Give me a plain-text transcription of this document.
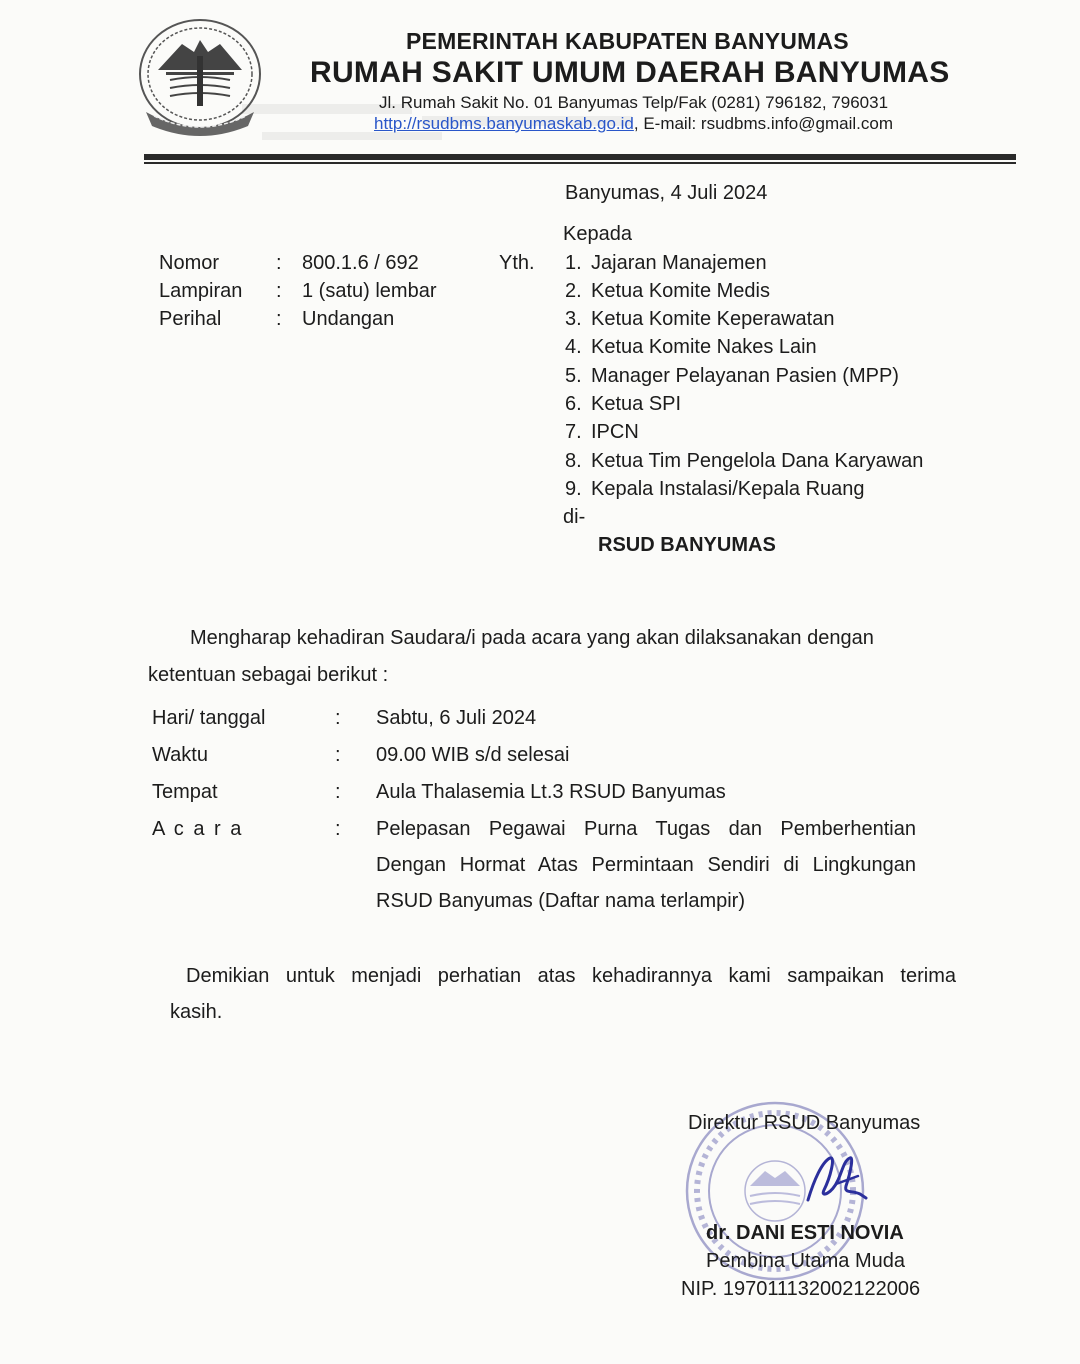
PEMERINTAH KABUPATEN BANYUMAS
RUMAH SAKIT UMUM DAERAH BANYUMAS
Jl. Rumah Sakit No. 01 Banyumas Telp/Fak (0281) 796182, 796031
http://rsudbms.banyumaskab.go.id, E-mail: rsudbms.info@gmail.com
Banyumas, 4 Juli 2024
Nomor	: 800.1.6 / 692
Lampiran : 1 (satu) lembar
Perihal	: Undangan
Kepada
Yth. 1. Jajaran Manajemen
2. Ketua Komite Medis
3. Ketua Komite Keperawatan
4. Ketua Komite Nakes Lain
5. Manager Pelayanan Pasien (MPP)
6. Ketua SPI
7. IPCN
8. Ketua Tim Pengelola Dana Karyawan
9. Kepala Instalasi/Kepala Ruang
di-
RSUD BANYUMAS
Mengharap kehadiran Saudara/i pada acara yang akan dilaksanakan dengan
ketentuan sebagai berikut :
Hari/ tanggal	: Sabtu, 6 Juli 2024
Waktu	: 09.00 WIB s/d selesai
Tempat	: Aula Thalasemia Lt.3 RSUD Banyumas
A c a r a	: Pelepasan Pegawai Purna Tugas dan Pemberhentian
Dengan Hormat Atas Permintaan Sendiri di Lingkungan
RSUD Banyumas (Daftar nama terlampir)
Demikian untuk menjadi perhatian atas kehadirannya kami sampaikan terima
kasih.
Direktur RSUD Banyumas
dr. DANI ESTI NOVIA
Pembina Utama Muda
NIP. 197011132002122006
